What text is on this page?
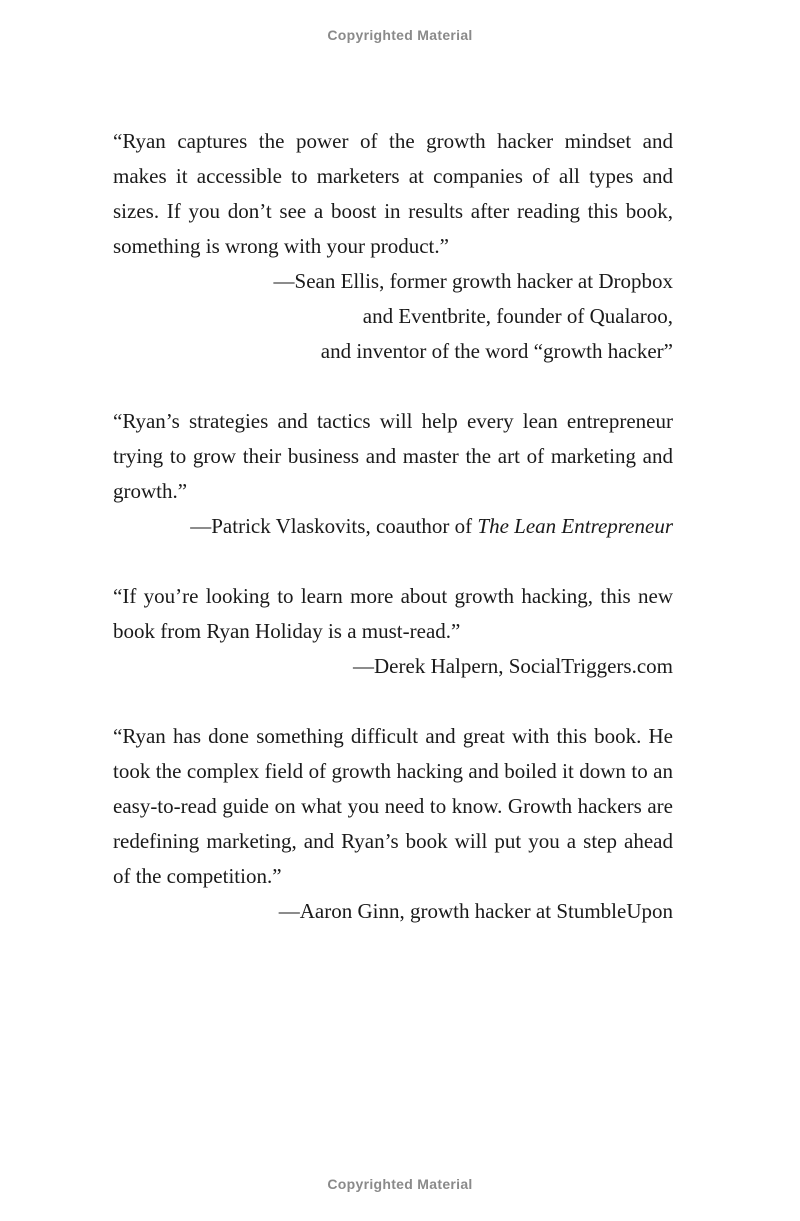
Copyrighted Material

“Ryan captures the power of the growth hacker mindset and makes it accessible to marketers at companies of all types and sizes. If you don’t see a boost in results after reading this book, something is wrong with your product.”

—Sean Ellis, former growth hacker at Dropbox

and Eventbrite, founder of Qualaroo,

and inventor of the word “growth hacker”

“Ryan’s strategies and tactics will help every lean entrepreneur trying to grow their business and master the art of marketing and growth.”

—Patrick Vlaskovits, coauthor of The Lean Entrepreneur

“If you’re looking to learn more about growth hacking, this new book from Ryan Holiday is a must-read.”

—Derek Halpern, SocialTriggers.com

“Ryan has done something difficult and great with this book. He took the complex field of growth hacking and boiled it down to an easy-to-read guide on what you need to know. Growth hackers are redefining marketing, and Ryan’s book will put you a step ahead of the competition.”

—Aaron Ginn, growth hacker at StumbleUpon

Copyrighted Material
